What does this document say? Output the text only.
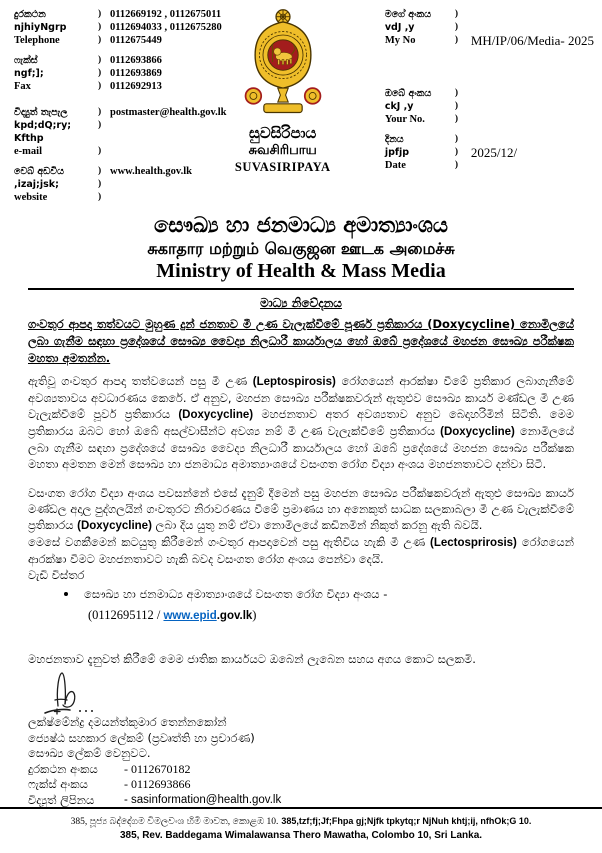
දුරකථන	) 0112669192 , 0112675011
njhiyNgrp	) 0112694033 , 0112675280
Telephone	) 0112675449
ෆැක්ස්	) 0112693866
ngf;];	) 0112693869
Fax	) 0112692913
විද්‍යුත් තැපැල	) postmaster@health.gov.lk
kpd;dQ;ry; Kfthp
)
e-mail	)
වෙබ් අඩවිය	) www.health.gov.lk
,izaj;jsk;	)
website	)
සුවසිරිපාය
சுவசிரிபாய
SUVASIRIPAYA
මගේ අංකය	)
vdJ ,y	)
My No	) MH/IP/06/Media- 2025
ඔබේ අංකය	)
ckJ ,y	)
Your No.	)
දිනය	)
jpfjp	) 2025/12/
Date	)
සෞඛ්‍ය හා ජනමාධ්‍ය අමාත්‍යාංශය
சுகாதார மற்றும் வெகுஜன ஊடக அமைச்சு
Ministry of Health & Mass Media
මාධ්‍ය නිවේදනය

ගංවතුර ආපදා තත්වයට මුහුණ දුන් ජනතාව මී උණ වැලැක්වීමේ පූර්ණ ප්‍රතිකාරය (Doxycycline) නොමිලයේ ලබා ගැනීම සඳහා ප්‍රදේශයේ සෞඛ්‍ය වෛද්‍ය නිලධාරී කාර්යාලය හෝ ඔබේ ප්‍රදේශයේ මහජන සෞඛ්‍ය පරීක්ෂක මහතා අමතන්න.

ඇතිවූ ගංවතුර ආපදා තත්වයෙන් පසු මී උණ (Leptospirosis) රෝගයෙන් ආරක්ෂා වීමේ ප්‍රතිකාර ලබාගැනීමේ අවශ්‍යතාවය අවධාරණය කෙරේ. ඒ අනුව, මහජන සෞඛ්‍ය පරීක්ෂකවරුන් ඇතුළුව සෞඛ්‍ය කාර්ය මණ්ඩල මී උණ වැලැක්වීමේ පූර්ව ප්‍රතිකාරය (Doxycycline) මහජනතාව අතර අවශ්‍යතාව අනුව බෙදාහරිමින් සිටිති. මෙම ප්‍රතිකාරය ඔබට හෝ ඔබේ අසල්වාසීන්ට අවශ්‍ය නම් මී උණ වැලැක්වීමේ ප්‍රතිකාරය (Doxycycline) නොමිලයේ ලබා ගැනීම සඳහා ප්‍රදේශයේ සෞඛ්‍ය වෛද්‍ය නිලධාරී කාර්යාලය හෝ ඔබේ ප්‍රදේශයේ මහජන සෞඛ්‍ය පරීක්ෂක මහතා අමතන මෙන් සෞඛ්‍ය හා ජනමාධ්‍ය අමාත්‍යාංශයේ වසංගත රෝග විද්‍යා අංශය මහජනතාවට දන්වා සිටී.

වසංගත රෝග විද්‍යා අංශය පවසන්නේ එසේ දැනුම් දීමෙන් පසු මහජන සෞඛ්‍ය පරීක්ෂකවරුන් ඇතුළු සෞඛ්‍ය කාර්ය මණ්ඩල අදාල පුද්ගලයින් ගංවතුරට නිරාවරණය වීමේ ප්‍රමාණය හා අනෙකුත් සාධක සලකාබලා මී උණ වැලැක්වීමේ ප්‍රතිකාරය (Doxycycline) ලබා දිය යුතු නම් ඒවා නොමිලයේ කඩිනමින් නිකුත් කරනු ඇති බවයි.

මෙසේ වගකීමෙන් කටයුතු කිරීමෙන් ගංවතුර ආපදාවෙන් පසු ඇතිවිය හැකි මී උණ (Lectosprirosis) රෝගයෙන් ආරක්ෂා වීමට මහජනතාවට හැකි බවද වසංගත රෝග අංශය පෙන්වා දෙයි.

වැඩි විස්තර

සෞඛ්‍ය හා ජනමාධ්‍ය අමාත්‍යාංශයේ වසංගත රෝග විද්‍යා අංශය -
(0112695112 / www.epid.gov.lk)

මහජනතාව දැනුවත් කිරීමේ මෙම ජාතික කාර්යයට ඔබෙන් ලැබෙන සහය අගය කොට සලකමි.

ලක්ෂ්මේන්ද්‍ර දමයන්ත්කුමාර තෙන්නකෝන්
ජ්‍යෙෂ්ඨ සහකාර ලේකම් (ප්‍රවෘත්ති හා ප්‍රචාරණ)
සෞඛ්‍ය ලේකම් වෙනුවට.
දුරකථන අංකය	- 0112670182
ෆැක්ස් අංකය	- 0112693866
විද්‍යුත් ලිපිනය	- sasinformation@health.gov.lk
385, පූජ්‍ය බද්දේගම විමලවංශ හිමි මාවත, කොළඹ 10. 385,tzf;fj;Jf;Fhpa gj;Njfk tpkytq;r NjNuh khtj;ij, nfhOk;G 10.
385, Rev. Baddegama Wimalawansa Thero Mawatha, Colombo 10, Sri Lanka.
